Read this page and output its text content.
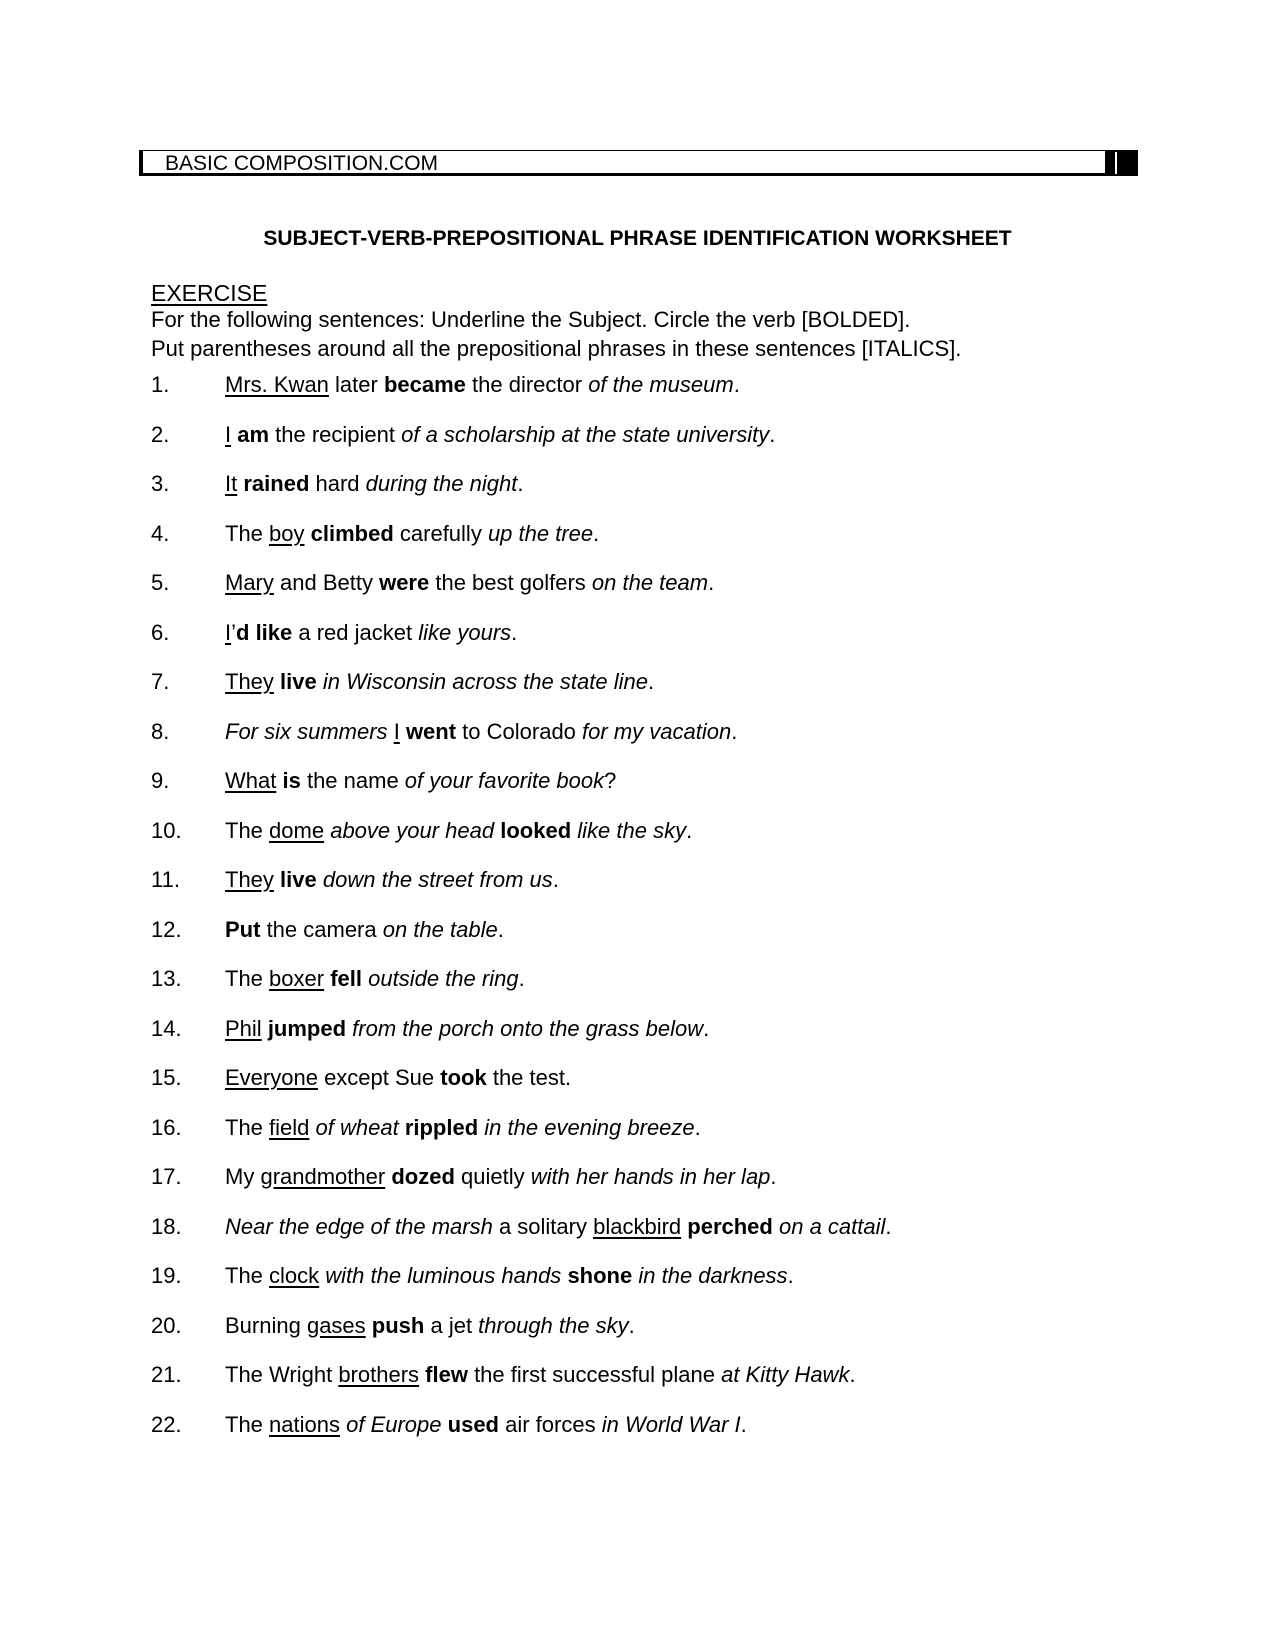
BASIC COMPOSITION.COM
SUBJECT-VERB-PREPOSITIONAL PHRASE IDENTIFICATION WORKSHEET
EXERCISE
For the following sentences: Underline the Subject. Circle the verb [BOLDED].
Put parentheses around all the prepositional phrases in these sentences [ITALICS].
1.	Mrs. Kwan later became the director of the museum.
2.	I am the recipient of a scholarship at the state university.
3.	It rained hard during the night.
4.	The boy climbed carefully up the tree.
5.	Mary and Betty were the best golfers on the team.
6.	I’d like a red jacket like yours.
7.	They live in Wisconsin across the state line.
8.	For six summers I went to Colorado for my vacation.
9.	What is the name of your favorite book?
10. The dome above your head looked like the sky.
11. They live down the street from us.
12. Put the camera on the table.
13. The boxer fell outside the ring.
14. Phil jumped from the porch onto the grass below.
15. Everyone except Sue took the test.
16. The field of wheat rippled in the evening breeze.
17. My grandmother dozed quietly with her hands in her lap.
18. Near the edge of the marsh a solitary blackbird perched on a cattail.
19. The clock with the luminous hands shone in the darkness.
20. Burning gases push a jet through the sky.
21. The Wright brothers flew the first successful plane at Kitty Hawk.
22. The nations of Europe used air forces in World War I.
